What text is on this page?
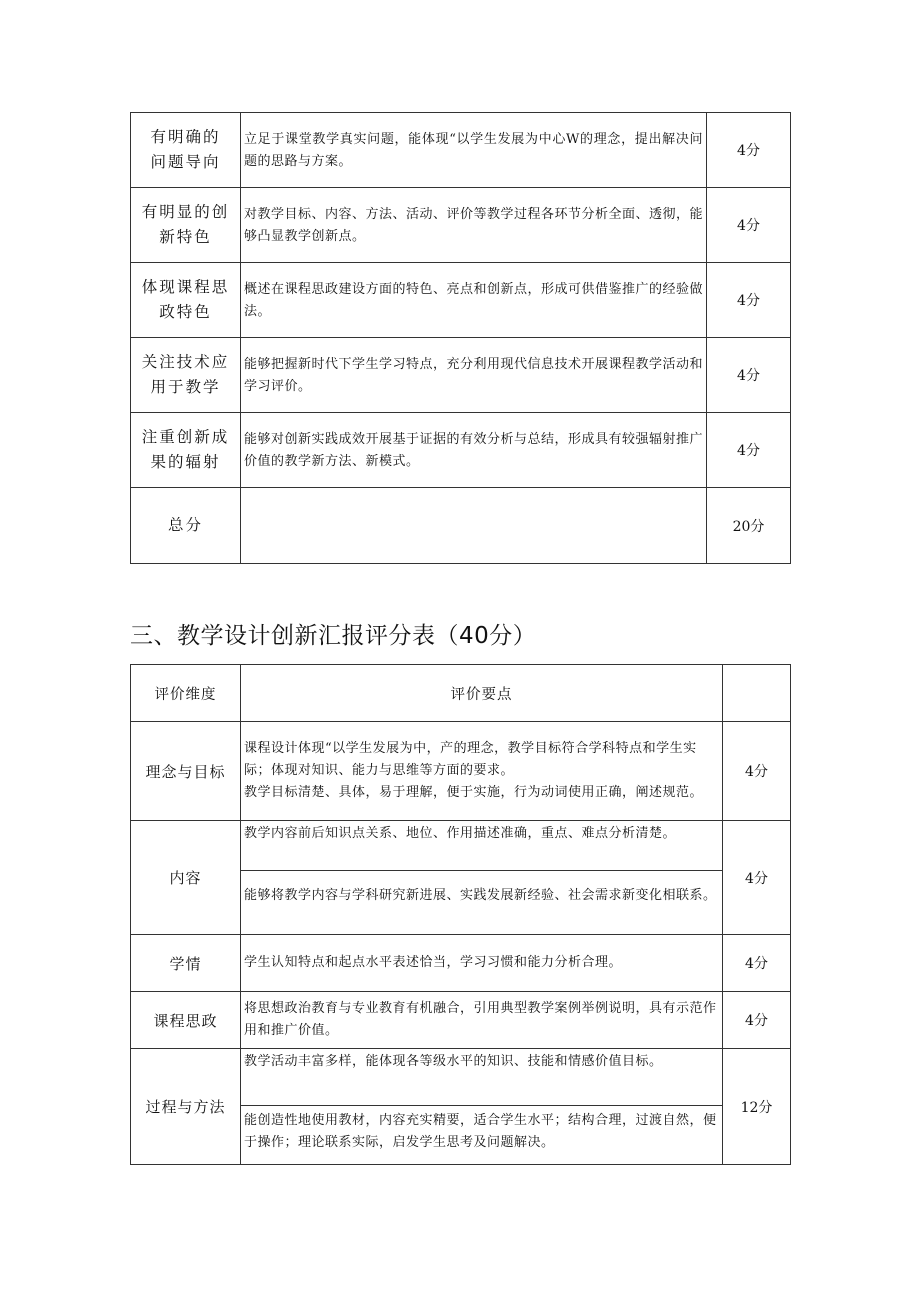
有明确的
问题导向	立足于课堂教学真实问题，能体现“以学生发展为中心W的理念，提出解决问题的思路与方案。	4分
有明显的创
新特色	对教学目标、内容、方法、活动、评价等教学过程各环节分析全面、透彻，能够凸显教学创新点。	4分
体现课程思
政特色	概述在课程思政建设方面的特色、亮点和创新点，形成可供借鉴推广的经验做法。	4分
关注技术应
用于教学	能够把握新时代下学生学习特点，充分利用现代信息技术开展课程教学活动和学习评价。	4分
注重创新成
果的辐射	能够对创新实践成效开展基于证据的有效分析与总结，形成具有较强辐射推广价值的教学新方法、新模式。	4分
总分		20分
三、教学设计创新汇报评分表（40分）
评价维度	评价要点	
理念与目标	课程设计体现“以学生发展为中，产的理念，教学目标符合学科特点和学生实际；体现对知识、能力与思维等方面的要求。
教学目标清楚、具体，易于理解，便于实施，行为动词使用正确，阐述规范。	4分
内容	教学内容前后知识点关系、地位、作用描述准确，重点、难点分析清楚。
能够将教学内容与学科研究新进展、实践发展新经验、社会需求新变化相联系。	4分
学情	学生认知特点和起点水平表述恰当，学习习惯和能力分析合理。	4分
课程思政	将思想政治教育与专业教育有机融合，引用典型教学案例举例说明，具有示范作用和推广价值。	4分
过程与方法	教学活动丰富多样，能体现各等级水平的知识、技能和情感价值目标。
能创造性地使用教材，内容充实精要，适合学生水平；结构合理，过渡自然，便于操作；理论联系实际，启发学生思考及问题解决。	12分
